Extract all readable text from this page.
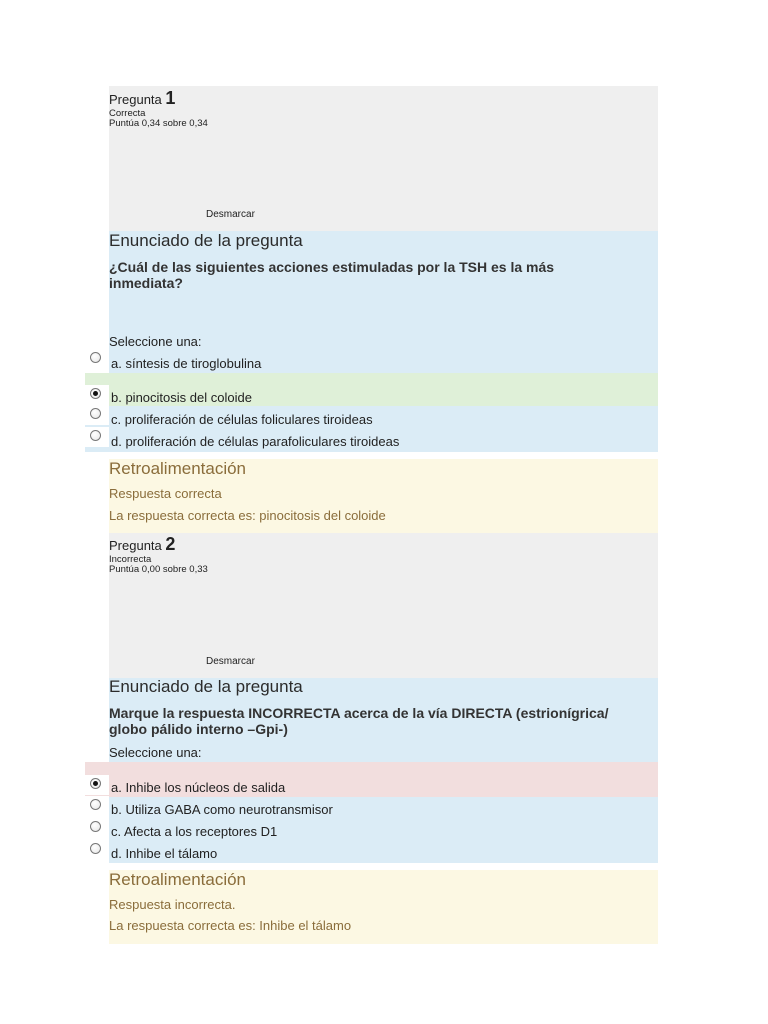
Pregunta 1
Correcta
Puntúa 0,34 sobre 0,34
Desmarcar
Enunciado de la pregunta
¿Cuál de las siguientes acciones estimuladas por la TSH es la más
inmediata?
Seleccione una:
a. síntesis de tiroglobulina
b. pinocitosis del coloide
c. proliferación de células foliculares tiroideas
d. proliferación de células parafoliculares tiroideas
Retroalimentación
Respuesta correcta
La respuesta correcta es: pinocitosis del coloide
Pregunta 2
Incorrecta
Puntúa 0,00 sobre 0,33
Desmarcar
Enunciado de la pregunta
Marque la respuesta INCORRECTA acerca de la vía DIRECTA (estrionígrica/
globo pálido interno –Gpi-)
Seleccione una:
a. Inhibe los núcleos de salida
b. Utiliza GABA como neurotransmisor
c. Afecta a los receptores D1
d. Inhibe el tálamo
Retroalimentación
Respuesta incorrecta.
La respuesta correcta es: Inhibe el tálamo
